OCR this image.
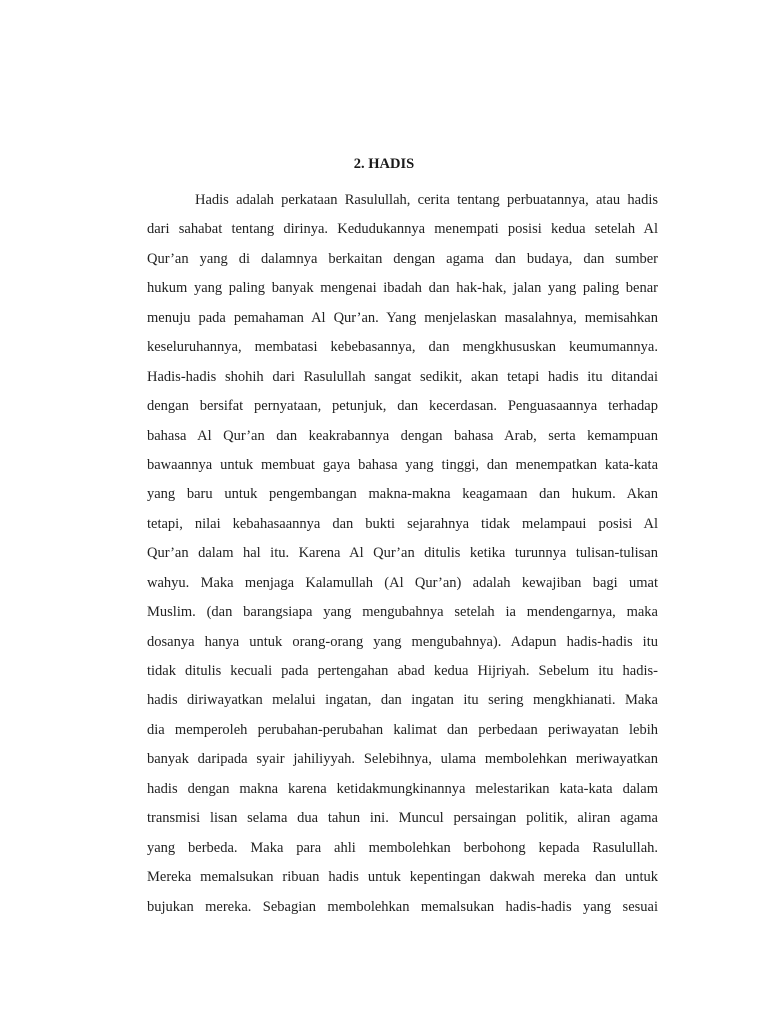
2. HADIS
Hadis adalah perkataan Rasulullah, cerita tentang perbuatannya, atau hadis
dari sahabat tentang dirinya. Kedudukannya menempati posisi kedua setelah Al
Qur’an yang di dalamnya berkaitan dengan agama dan budaya, dan sumber
hukum yang paling banyak mengenai ibadah dan hak-hak, jalan yang paling benar
menuju pada pemahaman Al Qur’an. Yang menjelaskan masalahnya, memisahkan
keseluruhannya, membatasi kebebasannya, dan mengkhususkan keumumannya.
Hadis-hadis shohih dari Rasulullah sangat sedikit, akan tetapi hadis itu ditandai
dengan bersifat pernyataan, petunjuk, dan kecerdasan. Penguasaannya terhadap
bahasa Al Qur’an dan keakrabannya dengan bahasa Arab, serta kemampuan
bawaannya untuk membuat gaya bahasa yang tinggi, dan menempatkan kata-kata
yang baru untuk pengembangan makna-makna keagamaan dan hukum. Akan
tetapi, nilai kebahasaannya dan bukti sejarahnya tidak melampaui posisi Al
Qur’an dalam hal itu. Karena Al Qur’an ditulis ketika turunnya tulisan-tulisan
wahyu. Maka menjaga Kalamullah (Al Qur’an) adalah kewajiban bagi umat
Muslim. (dan barangsiapa yang mengubahnya setelah ia mendengarnya, maka
dosanya hanya untuk orang-orang yang mengubahnya). Adapun hadis-hadis itu
tidak ditulis kecuali pada pertengahan abad kedua Hijriyah. Sebelum itu hadis-
hadis diriwayatkan melalui ingatan, dan ingatan itu sering mengkhianati. Maka
dia memperoleh perubahan-perubahan kalimat dan perbedaan periwayatan lebih
banyak daripada syair jahiliyyah. Selebihnya, ulama membolehkan meriwayatkan
hadis dengan makna karena ketidakmungkinannya melestarikan kata-kata dalam
transmisi lisan selama dua tahun ini. Muncul persaingan politik, aliran agama
yang berbeda. Maka para ahli membolehkan berbohong kepada Rasulullah.
Mereka memalsukan ribuan hadis untuk kepentingan dakwah mereka dan untuk
bujukan mereka. Sebagian membolehkan memalsukan hadis-hadis yang sesuai
